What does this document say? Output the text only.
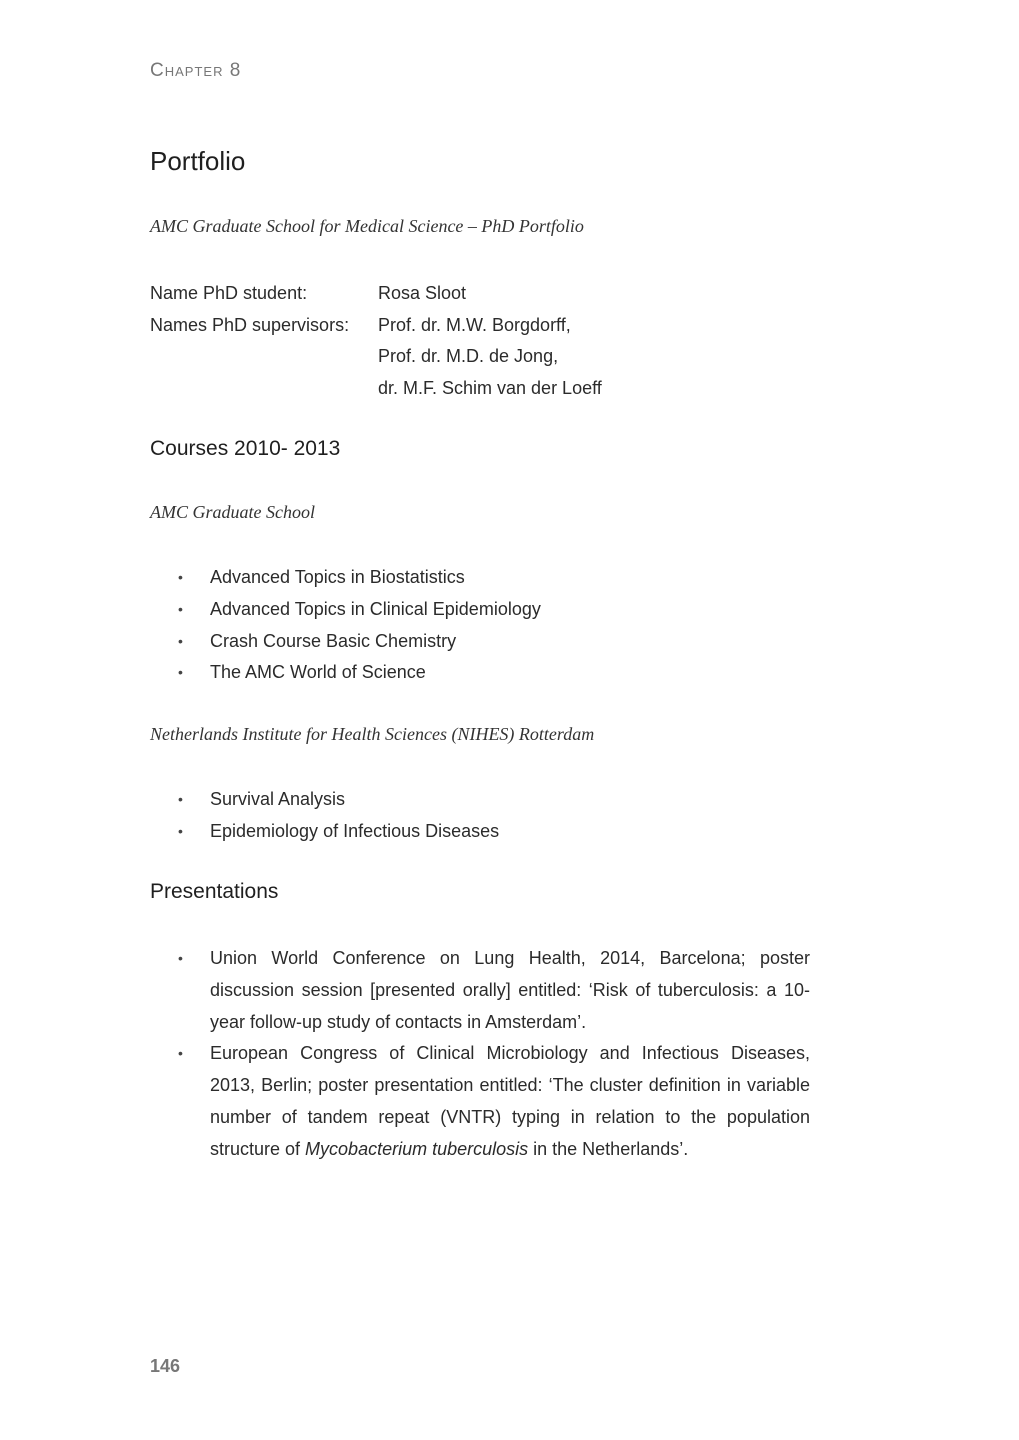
Chapter 8
Portfolio

AMC Graduate School for Medical Science – PhD Portfolio

Name PhD student:	Rosa Sloot
Names PhD supervisors:	Prof. dr. M.W. Borgdorff,
Prof. dr. M.D. de Jong,
dr. M.F. Schim van der Loeff
Courses 2010- 2013

AMC Graduate School

• Advanced Topics in Biostatistics
• Advanced Topics in Clinical Epidemiology
• Crash Course Basic Chemistry
• The AMC World of Science

Netherlands Institute for Health Sciences (NIHES) Rotterdam

• Survival Analysis
• Epidemiology of Infectious Diseases
Presentations
• Union World Conference on Lung Health, 2014, Barcelona; poster discussion session [presented orally] entitled: ‘Risk of tuberculosis: a 10-year follow-up study of contacts in Amsterdam’.
• European Congress of Clinical Microbiology and Infectious Diseases, 2013, Berlin; poster presentation entitled: ‘The cluster definition in variable number of tandem repeat (VNTR) typing in relation to the population structure of Mycobacterium tuberculosis in the Netherlands’.
146
